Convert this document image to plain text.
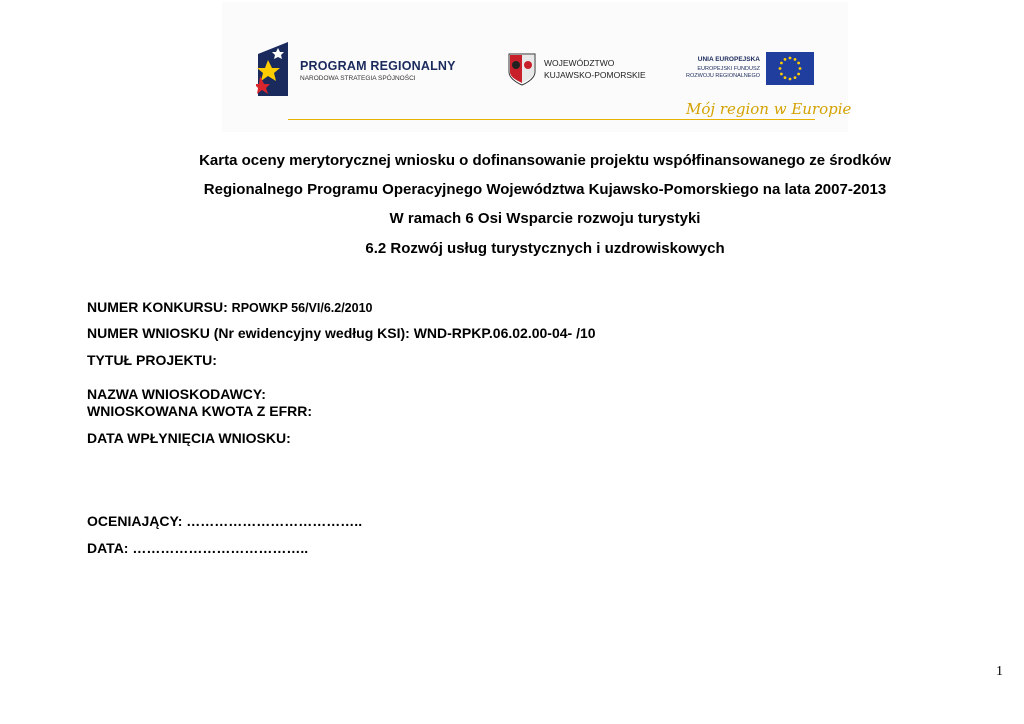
PROGRAM REGIONALNY
NARODOWA STRATEGIA SPÓJNOŚCI
WOJEWÓDZTWO
KUJAWSKO-POMORSKIE
UNIA EUROPEJSKA
EUROPEJSKI FUNDUSZ
ROZWOJU REGIONALNEGO
Mój region w Europie
Karta oceny merytorycznej wniosku o dofinansowanie projektu współfinansowanego ze środków
Regionalnego Programu Operacyjnego Województwa Kujawsko-Pomorskiego na lata 2007-2013
W ramach 6 Osi Wsparcie rozwoju turystyki
6.2 Rozwój usług turystycznych i uzdrowiskowych
NUMER KONKURSU: RPOWKP 56/VI/6.2/2010
NUMER WNIOSKU (Nr ewidencyjny według KSI): WND-RPKP.06.02.00-04- /10
TYTUŁ PROJEKTU:
NAZWA WNIOSKODAWCY:
WNIOSKOWANA KWOTA Z EFRR:
DATA WPŁYNIĘCIA WNIOSKU:
OCENIAJĄCY: ………………………………..
DATA: ………………………………..
1
